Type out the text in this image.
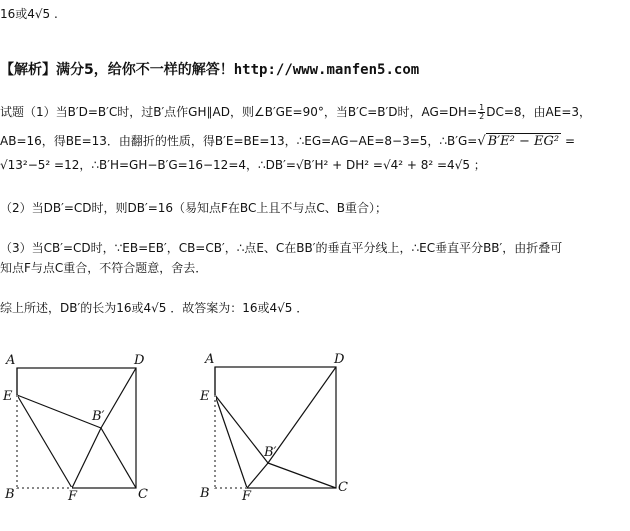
16或4√5 .
【解析】满分5，给你不一样的解答！http://www.manfen5.com
试题（1）当B′D=B′C时，过B′点作GH∥AD，则∠B′GE=90°，当B′C=B′D时，$AG=DH= \frac{1}{2} DC=8$，由AE=3，
AB=16，得BE=13．由翻折的性质，得B′E=BE=13，∴EG=AG−AE=8−3=5，∴B′G=√ B′E² − EG² =
√13²−5² =12，∴B′H=GH−B′G=16−12=4，∴DB′=√B′H² + DH² =√4² + 8² =4√5 ；
（2）当DB′=CD时，则DB′=16（易知点F在BC上且不与点C、B重合）；
（3）当CB′=CD时，∵EB=EB′，CB=CB′，∴点E、C在BB′的垂直平分线上，∴EC垂直平分BB′，由折叠可
知点F与点C重合，不符合题意，舍去．
综上所述，DB′的长为16或4√5 ．故答案为：16或4√5 ．
A	D
E
B′
B	F	C
A	D
E
B′
B F
C
